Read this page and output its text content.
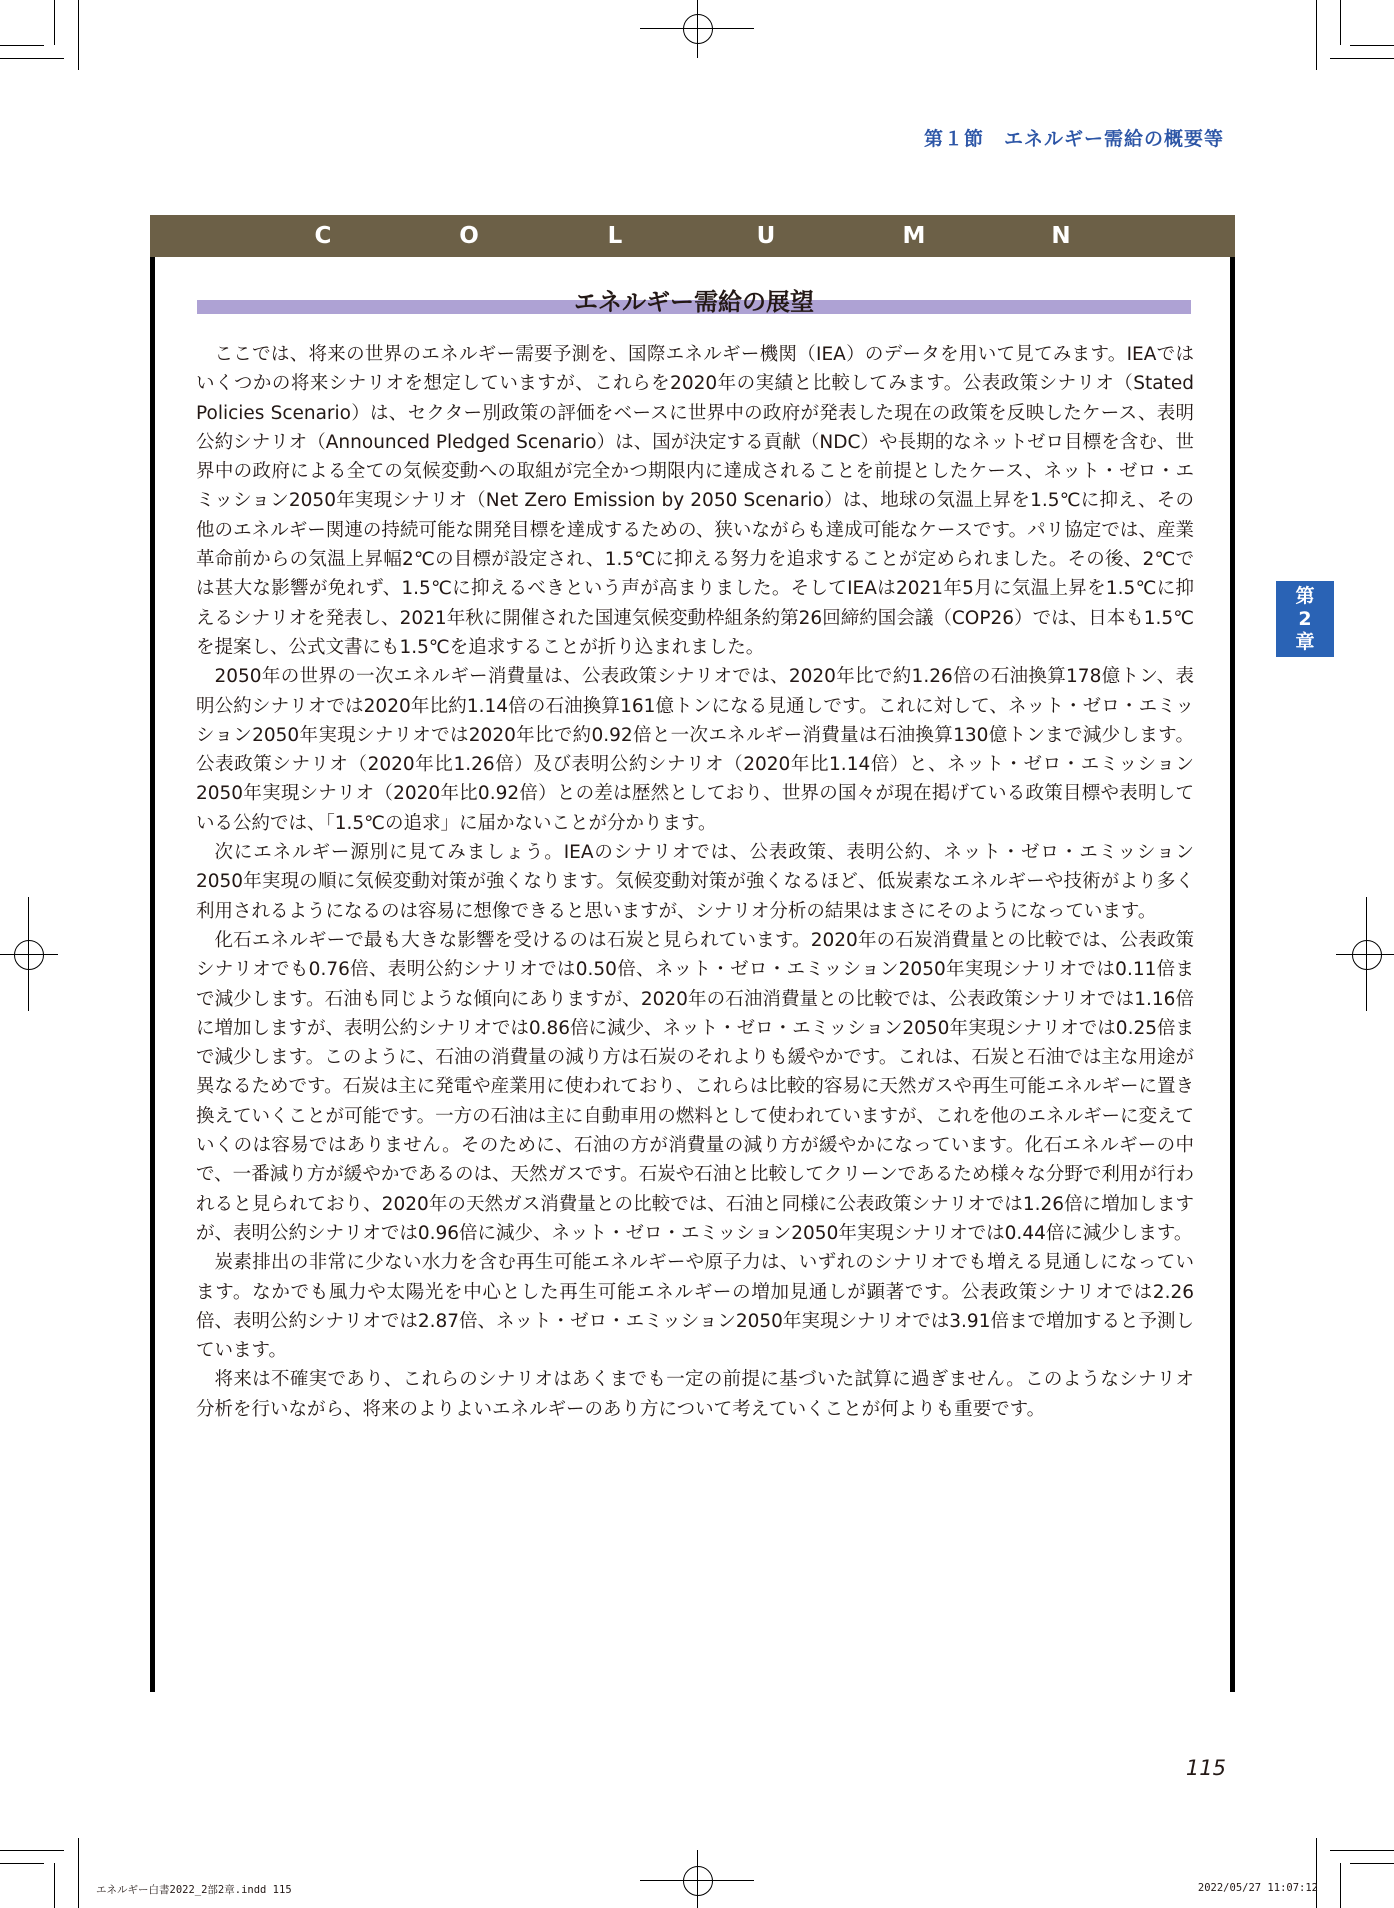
第１節　エネルギー需給の概要等
C	O	L	U	M	N
エネルギー需給の展望

ここでは、将来の世界のエネルギー需要予測を、国際エネルギー機関（IEA）のデータを用いて見てみます。IEAではいくつかの将来シナリオを想定していますが、これらを2020年の実績と比較してみます。公表政策シナリオ（Stated Policies Scenario）は、セクター別政策の評価をベースに世界中の政府が発表した現在の政策を反映したケース、表明公約シナリオ（Announced Pledged Scenario）は、国が決定する貢献（NDC）や長期的なネットゼロ目標を含む、世界中の政府による全ての気候変動への取組が完全かつ期限内に達成されることを前提としたケース、ネット・ゼロ・エミッション2050年実現シナリオ（Net Zero Emission by 2050 Scenario）は、地球の気温上昇を1.5℃に抑え、その他のエネルギー関連の持続可能な開発目標を達成するための、狭いながらも達成可能なケースです。パリ協定では、産業革命前からの気温上昇幅2℃の目標が設定され、1.5℃に抑える努力を追求することが定められました。その後、2℃では甚大な影響が免れず、1.5℃に抑えるべきという声が高まりました。そしてIEAは2021年5月に気温上昇を1.5℃に抑えるシナリオを発表し、2021年秋に開催された国連気候変動枠組条約第26回締約国会議（COP26）では、日本も1.5℃を提案し、公式文書にも1.5℃を追求することが折り込まれました。

2050年の世界の一次エネルギー消費量は、公表政策シナリオでは、2020年比で約1.26倍の石油換算178億トン、表明公約シナリオでは2020年比約1.14倍の石油換算161億トンになる見通しです。これに対して、ネット・ゼロ・エミッション2050年実現シナリオでは2020年比で約0.92倍と一次エネルギー消費量は石油換算130億トンまで減少します。公表政策シナリオ（2020年比1.26倍）及び表明公約シナリオ（2020年比1.14倍）と、ネット・ゼロ・エミッション2050年実現シナリオ（2020年比0.92倍）との差は歴然としており、世界の国々が現在掲げている政策目標や表明している公約では、「1.5℃の追求」に届かないことが分かります。

次にエネルギー源別に見てみましょう。IEAのシナリオでは、公表政策、表明公約、ネット・ゼロ・エミッション2050年実現の順に気候変動対策が強くなります。気候変動対策が強くなるほど、低炭素なエネルギーや技術がより多く利用されるようになるのは容易に想像できると思いますが、シナリオ分析の結果はまさにそのようになっています。

化石エネルギーで最も大きな影響を受けるのは石炭と見られています。2020年の石炭消費量との比較では、公表政策シナリオでも0.76倍、表明公約シナリオでは0.50倍、ネット・ゼロ・エミッション2050年実現シナリオでは0.11倍まで減少します。石油も同じような傾向にありますが、2020年の石油消費量との比較では、公表政策シナリオでは1.16倍に増加しますが、表明公約シナリオでは0.86倍に減少、ネット・ゼロ・エミッション2050年実現シナリオでは0.25倍まで減少します。このように、石油の消費量の減り方は石炭のそれよりも緩やかです。これは、石炭と石油では主な用途が異なるためです。石炭は主に発電や産業用に使われており、これらは比較的容易に天然ガスや再生可能エネルギーに置き換えていくことが可能です。一方の石油は主に自動車用の燃料として使われていますが、これを他のエネルギーに変えていくのは容易ではありません。そのために、石油の方が消費量の減り方が緩やかになっています。化石エネルギーの中で、一番減り方が緩やかであるのは、天然ガスです。石炭や石油と比較してクリーンであるため様々な分野で利用が行われると見られており、2020年の天然ガス消費量との比較では、石油と同様に公表政策シナリオでは1.26倍に増加しますが、表明公約シナリオでは0.96倍に減少、ネット・ゼロ・エミッション2050年実現シナリオでは0.44倍に減少します。

炭素排出の非常に少ない水力を含む再生可能エネルギーや原子力は、いずれのシナリオでも増える見通しになっています。なかでも風力や太陽光を中心とした再生可能エネルギーの増加見通しが顕著です。公表政策シナリオでは2.26倍、表明公約シナリオでは2.87倍、ネット・ゼロ・エミッション2050年実現シナリオでは3.91倍まで増加すると予測しています。

将来は不確実であり、これらのシナリオはあくまでも一定の前提に基づいた試算に過ぎません。このようなシナリオ分析を行いながら、将来のよりよいエネルギーのあり方について考えていくことが何よりも重要です。

第
2
章
115
エネルギー白書2022_2部2章.indd 115	2022/05/27 11:07:12
